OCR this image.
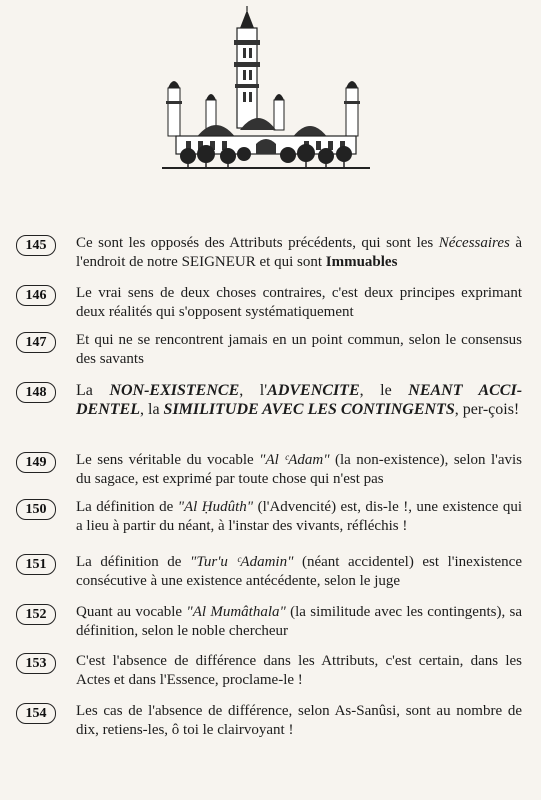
145	Ce sont les opposés des Attributs précédents, qui sont les Nécessaires à l'endroit de notre SEIGNEUR et qui sont Immuables
146	Le vrai sens de deux choses contraires, c'est deux principes exprimant deux réalités qui s'opposent systématiquement
147	Et qui ne se rencontrent jamais en un point commun, selon le consensus des savants
148	La NON-EXISTENCE, l'ADVENCITE, le NEANT ACCI-DENTEL, la SIMILITUDE AVEC LES CONTINGENTS, per-çois!
149	Le sens véritable du vocable "Al ᶜAdam" (la non-existence), selon l'avis du sagace, est exprimé par toute chose qui n'est pas
150	La définition de "Al Ḥudûth" (l'Advencité) est, dis-le !, une existence qui a lieu à partir du néant, à l'instar des vivants, réfléchis !
151	La définition de "Tur'u ᶜAdamin" (néant accidentel) est l'inexistence consécutive à une existence antécédente, selon le juge
152	Quant au vocable "Al Mumâthala" (la similitude avec les contingents), sa définition, selon le noble chercheur
153	C'est l'absence de différence dans les Attributs, c'est certain, dans les Actes et dans l'Essence, proclame-le !
154	Les cas de l'absence de différence, selon As-Sanûsi, sont au nombre de dix, retiens-les, ô toi le clairvoyant !
